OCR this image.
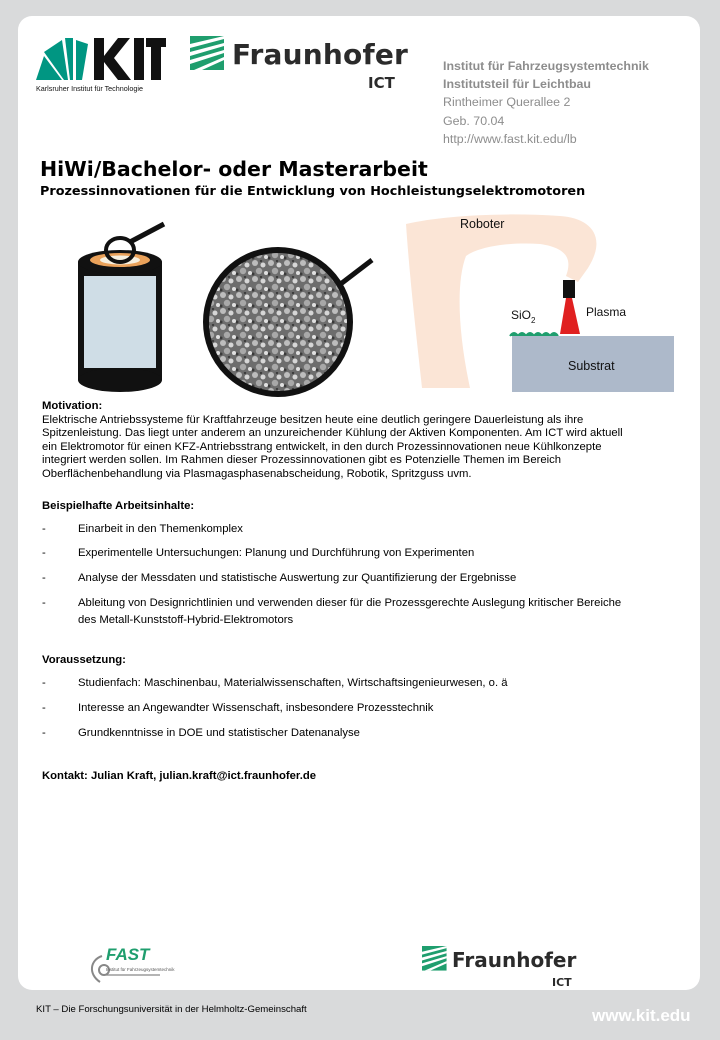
Karlsruher Institut für Technologie
Fraunhofer
ICT
Institut für Fahrzeugsystemtechnik
Institutsteil für Leichtbau
Rintheimer Querallee 2
Geb. 70.04
http://www.fast.kit.edu/lb
HiWi/Bachelor- oder Masterarbeit
Prozessinnovationen für die Entwicklung von Hochleistungselektromotoren
Roboter
Plasma
SiO 2
Substrat
Motivation:
Elektrische Antriebssysteme für Kraftfahrzeuge besitzen heute eine deutlich geringere Dauerleistung als ihre
Spitzenleistung. Das liegt unter anderem an unzureichender Kühlung der Aktiven Komponenten. Am ICT wird aktuell
ein Elektromotor für einen KFZ-Antriebsstrang entwickelt, in den durch Prozessinnovationen neue Kühlkonzepte
integriert werden sollen. Im Rahmen dieser Prozessinnovationen gibt es Potenzielle Themen im Bereich
Oberflächenbehandlung via Plasmagasphasenabscheidung, Robotik, Spritzguss uvm.
Beispielhafte Arbeitsinhalte:
-	Einarbeit in den Themenkomplex
-	Experimentelle Untersuchungen: Planung und Durchführung von Experimenten
-	Analyse der Messdaten und statistische Auswertung zur Quantifizierung der Ergebnisse
-	Ableitung von Designrichtlinien und verwenden dieser für die Prozessgerechte Auslegung kritischer Bereiche
des Metall-Kunststoff-Hybrid-Elektromotors
Voraussetzung:
-	Studienfach: Maschinenbau, Materialwissenschaften, Wirtschaftsingenieurwesen, o. ä
-	Interesse an Angewandter Wissenschaft, insbesondere Prozesstechnik
-	Grundkenntnisse in DOE und statistischer Datenanalyse
Kontakt: Julian Kraft, julian.kraft@ict.fraunhofer.de
FAST
Institut für Fahrzeugsystemtechnik	Fraunhofer
ICT
KIT – Die Forschungsuniversität in der Helmholtz-Gemeinschaft	www.kit.edu
